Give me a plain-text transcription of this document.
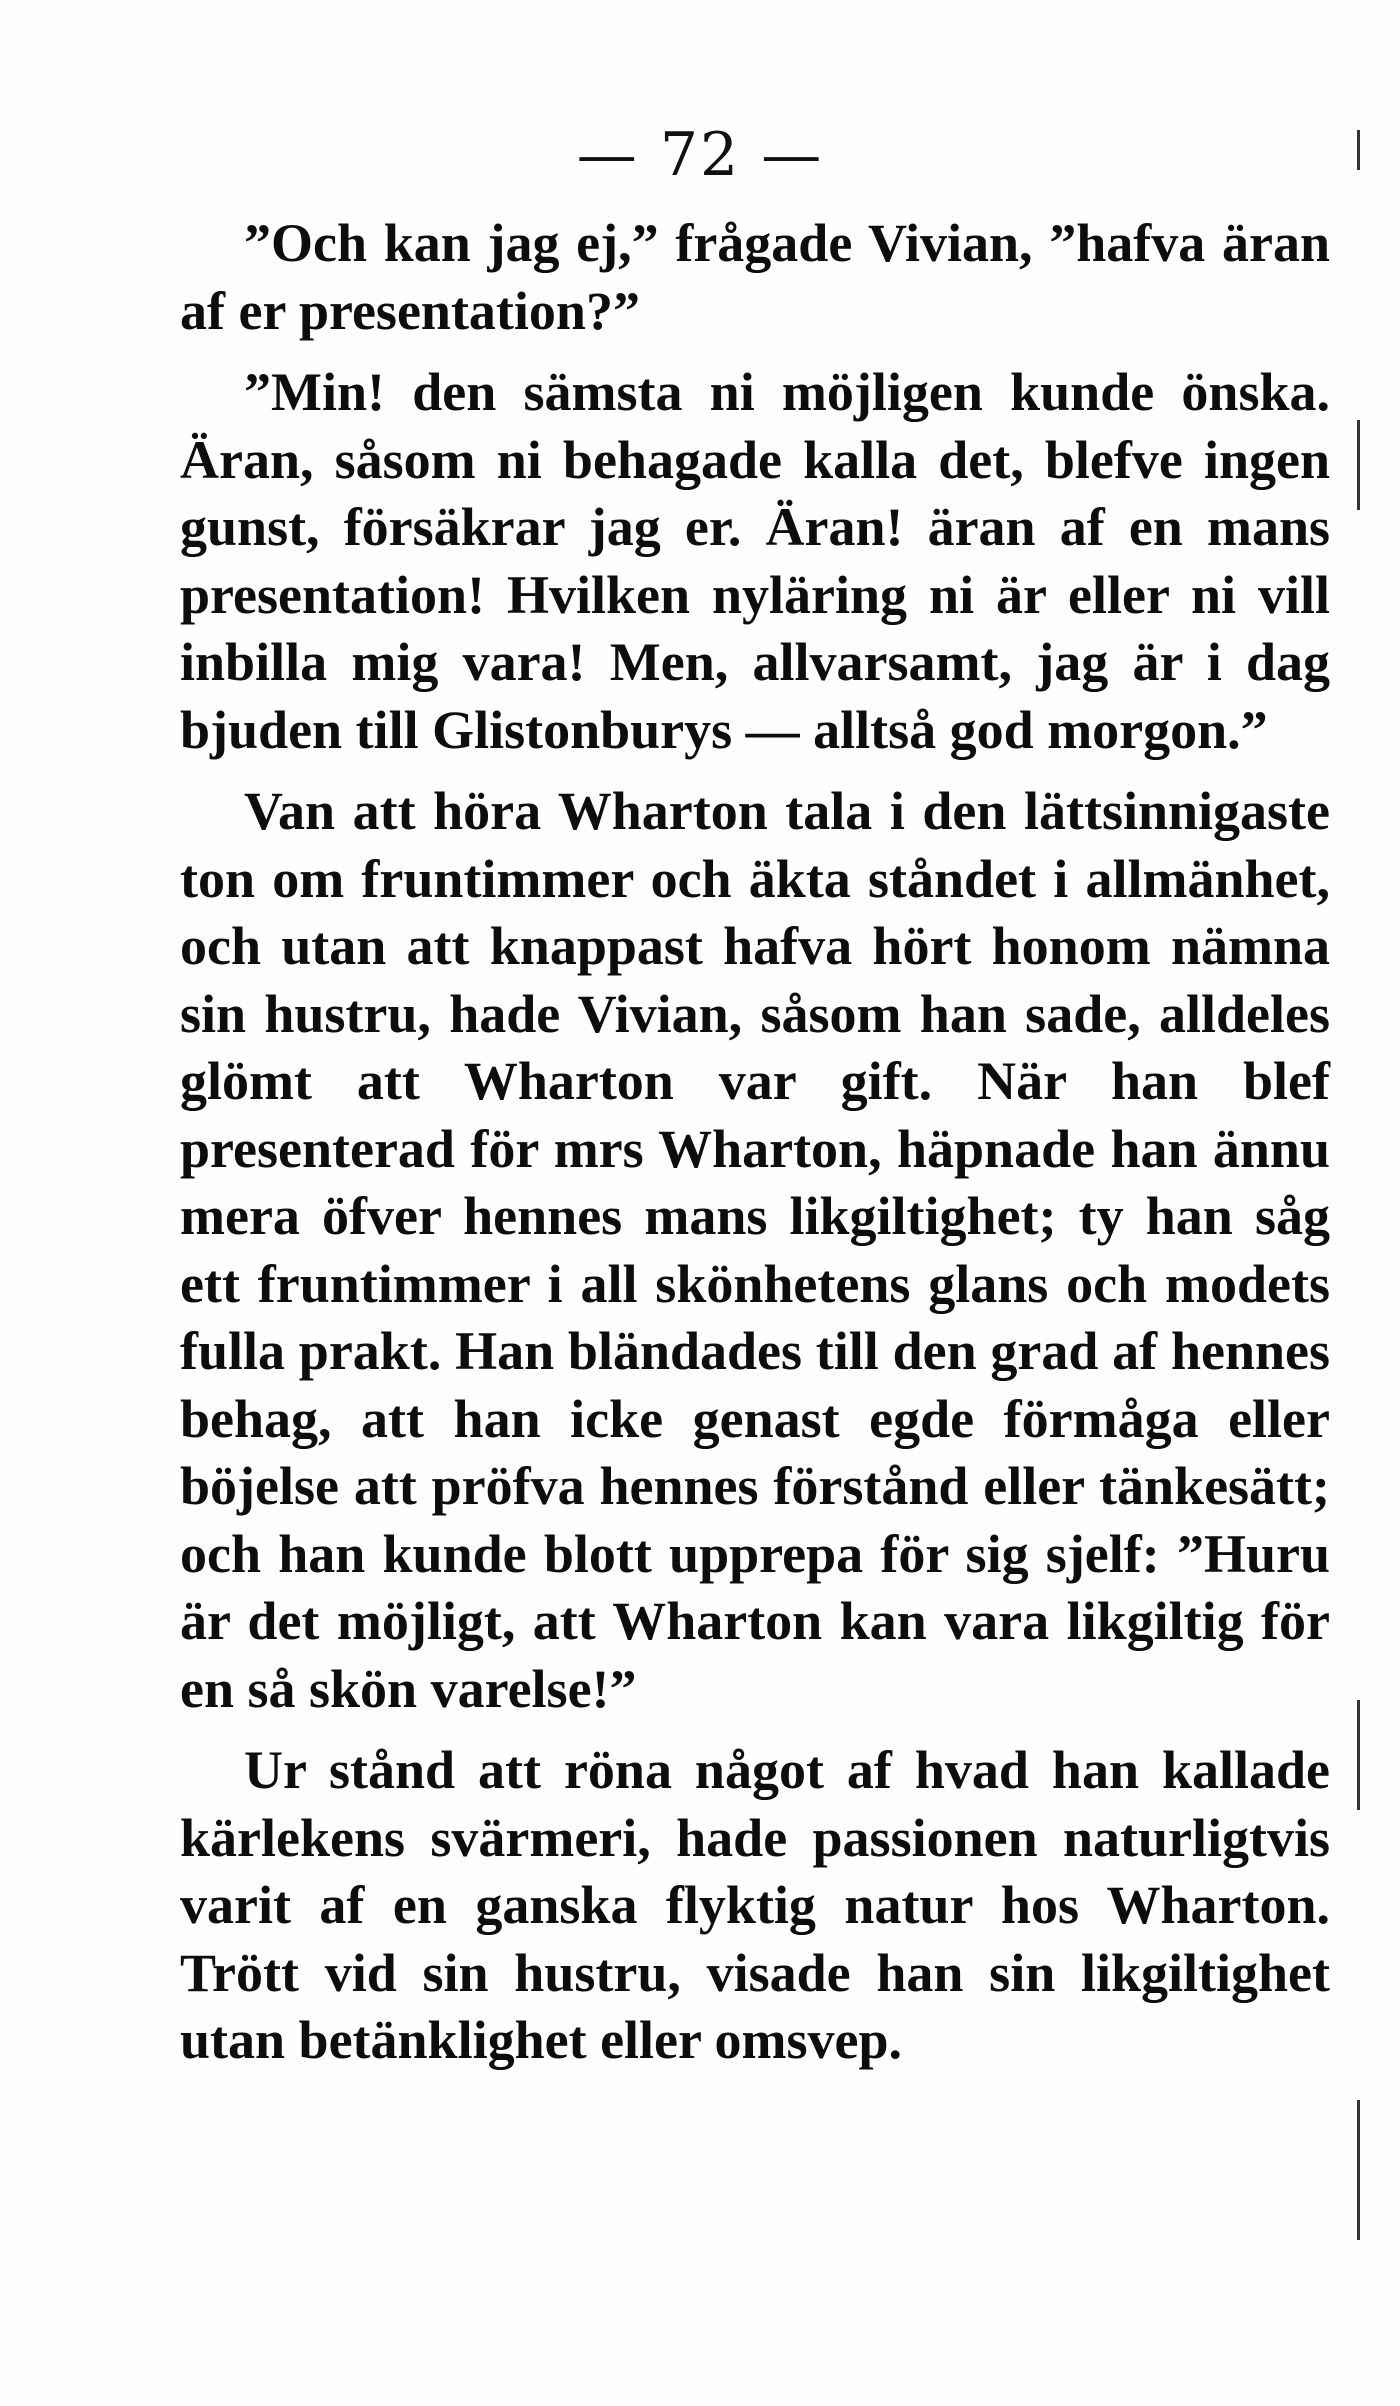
— 72 —

”Och kan jag ej,” frågade Vivian, ”hafva äran af er presentation?”

”Min! den sämsta ni möjligen kunde önska. Äran, såsom ni behagade kalla det, blefve ingen gunst, försäkrar jag er. Äran! äran af en mans presentation! Hvilken nyläring ni är eller ni vill inbilla mig vara! Men, allvarsamt, jag är i dag bjuden till Glistonburys — alltså god morgon.”

Van att höra Wharton tala i den lättsinnigaste ton om fruntimmer och äkta ståndet i allmänhet, och utan att knappast hafva hört honom nämna sin hustru, hade Vivian, såsom han sade, alldeles glömt att Wharton var gift. När han blef presenterad för mrs Wharton, häpnade han ännu mera öfver hennes mans likgiltighet; ty han såg ett fruntimmer i all skönhetens glans och modets fulla prakt. Han bländades till den grad af hennes behag, att han icke genast egde förmåga eller böjelse att pröfva hennes förstånd eller tänkesätt; och han kunde blott upprepa för sig sjelf: ”Huru är det möjligt, att Wharton kan vara likgiltig för en så skön varelse!”

Ur stånd att röna något af hvad han kallade kärlekens svärmeri, hade passionen naturligtvis varit af en ganska flyktig natur hos Wharton. Trött vid sin hustru, visade han sin likgiltighet utan betänklighet eller omsvep.
